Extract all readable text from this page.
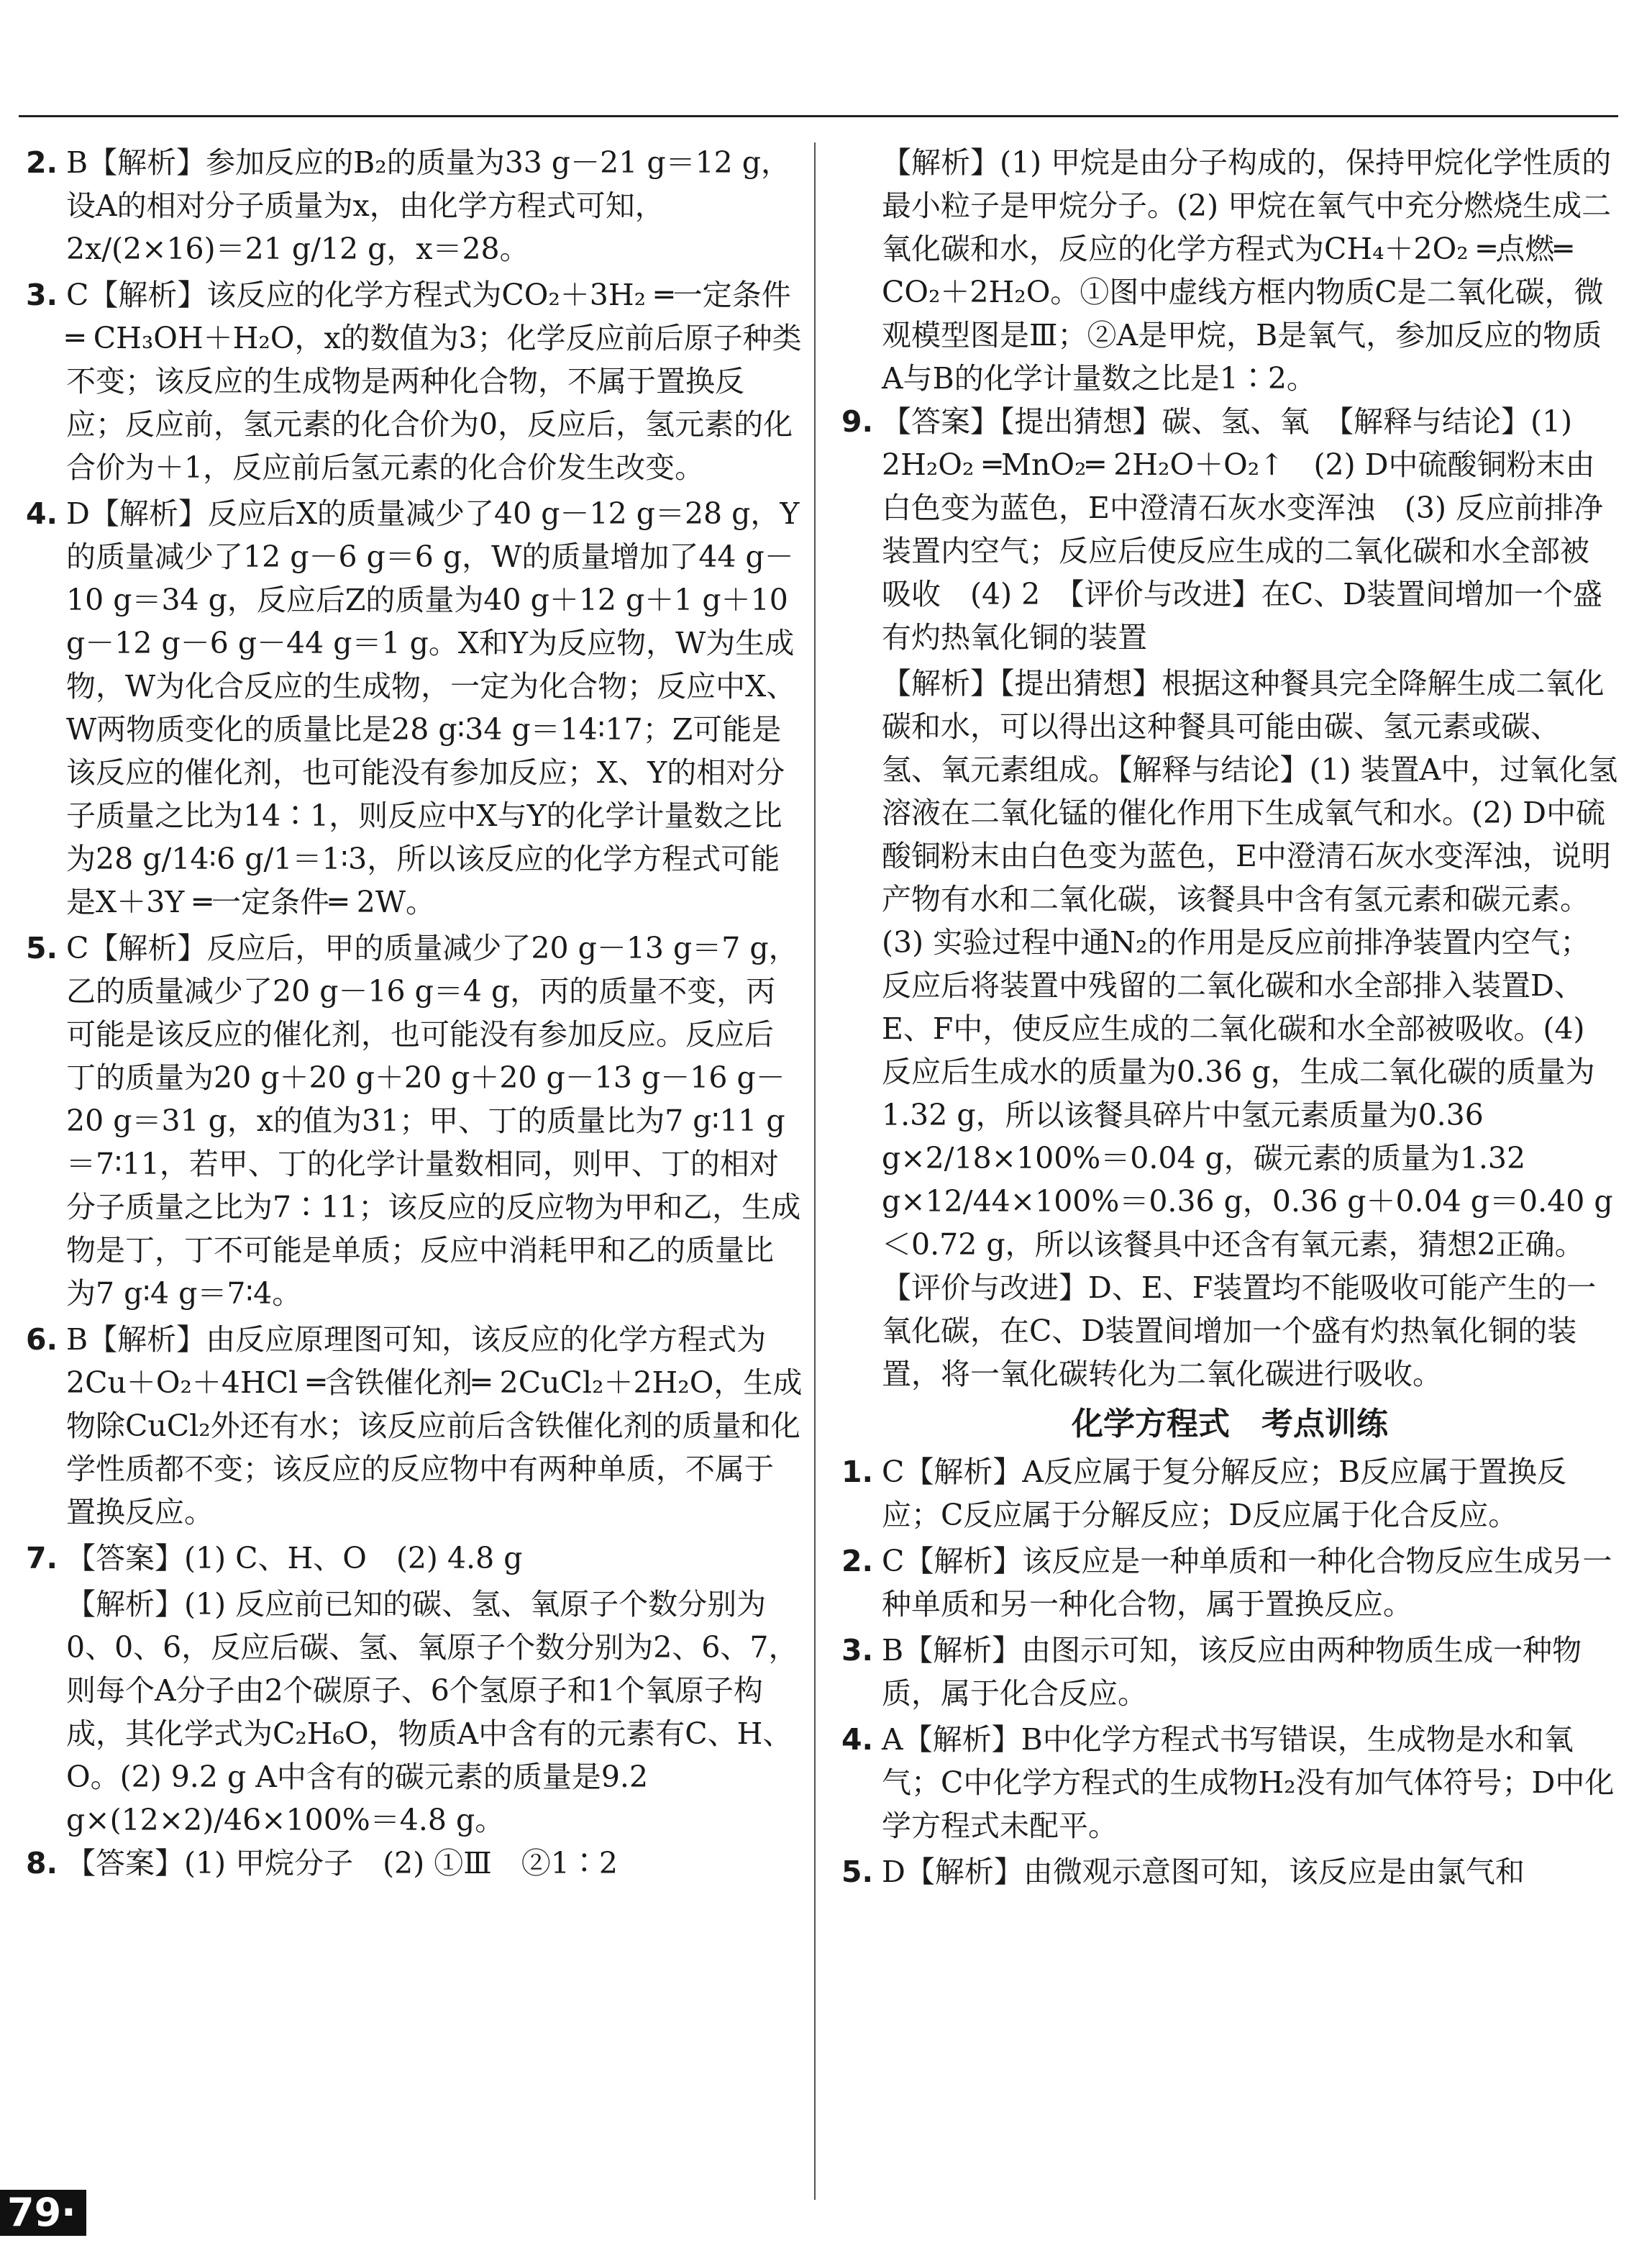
2. B【解析】参加反应的B₂的质量为33 g－21 g＝12 g，设A的相对分子质量为x，由化学方程式可知，2x/(2×16)＝21 g/12 g，x＝28。
3. C【解析】该反应的化学方程式为CO₂＋3H₂ ═一定条件═ CH₃OH＋H₂O，x的数值为3；化学反应前后原子种类不变；该反应的生成物是两种化合物，不属于置换反应；反应前，氢元素的化合价为0，反应后，氢元素的化合价为＋1，反应前后氢元素的化合价发生改变。
4. D【解析】反应后X的质量减少了40 g－12 g＝28 g，Y的质量减少了12 g－6 g＝6 g，W的质量增加了44 g－10 g＝34 g，反应后Z的质量为40 g＋12 g＋1 g＋10 g－12 g－6 g－44 g＝1 g。X和Y为反应物，W为生成物，W为化合反应的生成物，一定为化合物；反应中X、W两物质变化的质量比是28 g∶34 g＝14∶17；Z可能是该反应的催化剂，也可能没有参加反应；X、Y的相对分子质量之比为14∶1，则反应中X与Y的化学计量数之比为28 g/14∶6 g/1＝1∶3，所以该反应的化学方程式可能是X＋3Y ═一定条件═ 2W。
5. C【解析】反应后，甲的质量减少了20 g－13 g＝7 g，乙的质量减少了20 g－16 g＝4 g，丙的质量不变，丙可能是该反应的催化剂，也可能没有参加反应。反应后丁的质量为20 g＋20 g＋20 g＋20 g－13 g－16 g－20 g＝31 g，x的值为31；甲、丁的质量比为7 g∶11 g＝7∶11，若甲、丁的化学计量数相同，则甲、丁的相对分子质量之比为7∶11；该反应的反应物为甲和乙，生成物是丁，丁不可能是单质；反应中消耗甲和乙的质量比为7 g∶4 g＝7∶4。
6. B【解析】由反应原理图可知，该反应的化学方程式为2Cu＋O₂＋4HCl ═含铁催化剂═ 2CuCl₂＋2H₂O，生成物除CuCl₂外还有水；该反应前后含铁催化剂的质量和化学性质都不变；该反应的反应物中有两种单质，不属于置换反应。
7. 【答案】(1) C、H、O　(2) 4.8 g
【解析】(1) 反应前已知的碳、氢、氧原子个数分别为0、0、6，反应后碳、氢、氧原子个数分别为2、6、7，则每个A分子由2个碳原子、6个氢原子和1个氧原子构成，其化学式为C₂H₆O，物质A中含有的元素有C、H、O。(2) 9.2 g A中含有的碳元素的质量是9.2 g×(12×2)/46×100%＝4.8 g。
8. 【答案】(1) 甲烷分子　(2) ①Ⅲ　②1∶2
【解析】(1) 甲烷是由分子构成的，保持甲烷化学性质的最小粒子是甲烷分子。(2) 甲烷在氧气中充分燃烧生成二氧化碳和水，反应的化学方程式为CH₄＋2O₂ ═点燃═ CO₂＋2H₂O。①图中虚线方框内物质C是二氧化碳，微观模型图是Ⅲ；②A是甲烷，B是氧气，参加反应的物质A与B的化学计量数之比是1∶2。
9. 【答案】【提出猜想】碳、氢、氧　【解释与结论】(1) 2H₂O₂ ═MnO₂═ 2H₂O＋O₂↑　(2) D中硫酸铜粉末由白色变为蓝色，E中澄清石灰水变浑浊　(3) 反应前排净装置内空气；反应后使反应生成的二氧化碳和水全部被吸收　(4) 2　【评价与改进】在C、D装置间增加一个盛有灼热氧化铜的装置
【解析】【提出猜想】根据这种餐具完全降解生成二氧化碳和水，可以得出这种餐具可能由碳、氢元素或碳、氢、氧元素组成。【解释与结论】(1) 装置A中，过氧化氢溶液在二氧化锰的催化作用下生成氧气和水。(2) D中硫酸铜粉末由白色变为蓝色，E中澄清石灰水变浑浊，说明产物有水和二氧化碳，该餐具中含有氢元素和碳元素。(3) 实验过程中通N₂的作用是反应前排净装置内空气；反应后将装置中残留的二氧化碳和水全部排入装置D、E、F中，使反应生成的二氧化碳和水全部被吸收。(4) 反应后生成水的质量为0.36 g，生成二氧化碳的质量为1.32 g，所以该餐具碎片中氢元素质量为0.36 g×2/18×100%＝0.04 g，碳元素的质量为1.32 g×12/44×100%＝0.36 g，0.36 g＋0.04 g＝0.40 g＜0.72 g，所以该餐具中还含有氧元素，猜想2正确。【评价与改进】D、E、F装置均不能吸收可能产生的一氧化碳，在C、D装置间增加一个盛有灼热氧化铜的装置，将一氧化碳转化为二氧化碳进行吸收。
化学方程式　考点训练
1. C【解析】A反应属于复分解反应；B反应属于置换反应；C反应属于分解反应；D反应属于化合反应。
2. C【解析】该反应是一种单质和一种化合物反应生成另一种单质和另一种化合物，属于置换反应。
3. B【解析】由图示可知，该反应由两种物质生成一种物质，属于化合反应。
4. A【解析】B中化学方程式书写错误，生成物是水和氧气；C中化学方程式的生成物H₂没有加气体符号；D中化学方程式未配平。
5. D【解析】由微观示意图可知，该反应是由氯气和
79·
